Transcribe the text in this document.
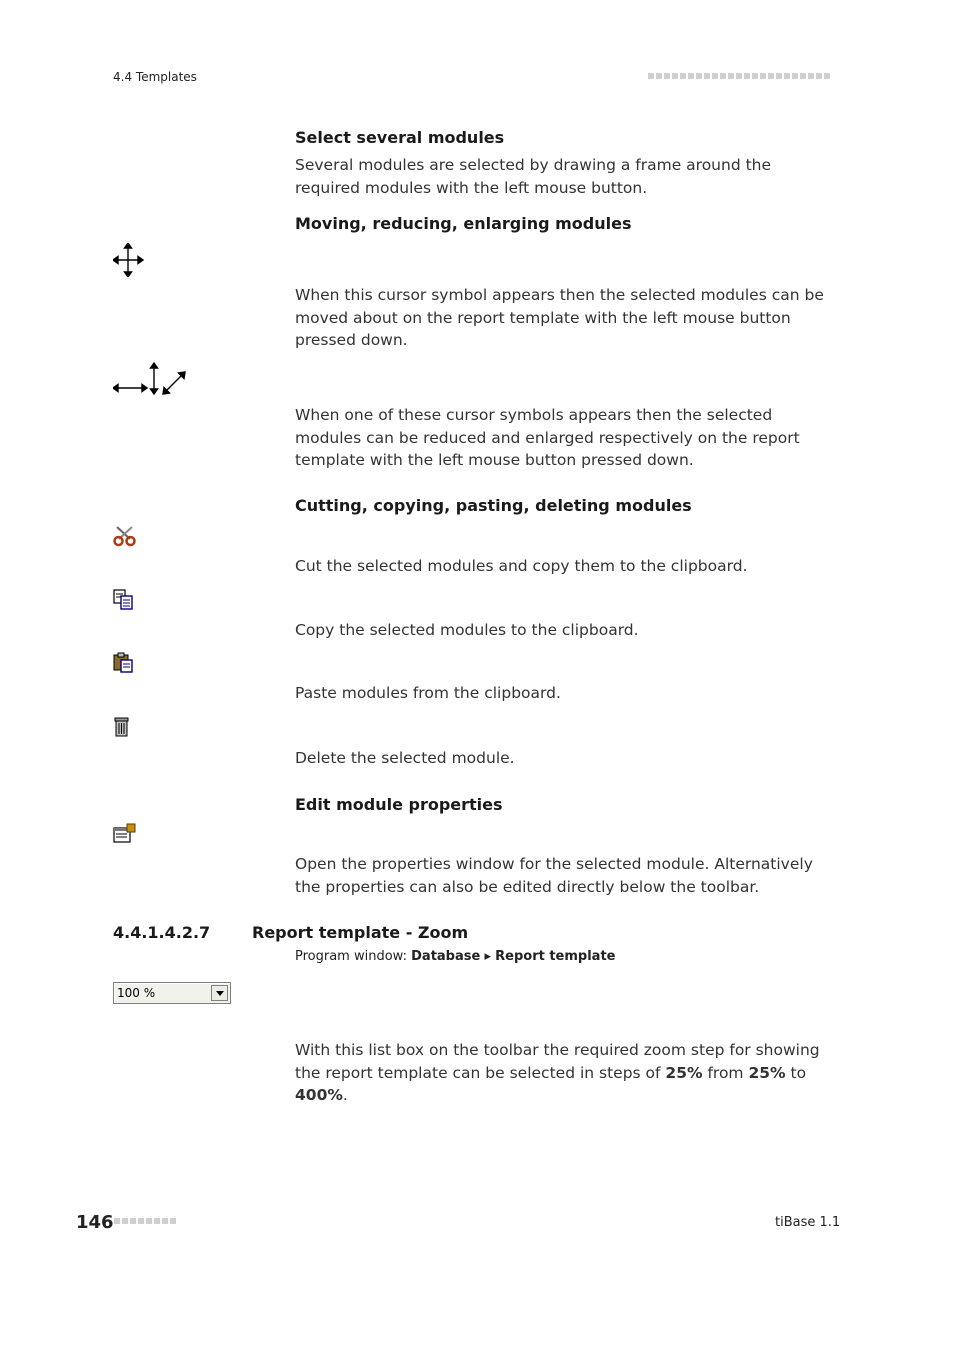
4.4 Templates
Select several modules
Several modules are selected by drawing a frame around the required modules with the left mouse button.
Moving, reducing, enlarging modules
When this cursor symbol appears then the selected modules can be moved about on the report template with the left mouse button pressed down.
When one of these cursor symbols appears then the selected modules can be reduced and enlarged respectively on the report template with the left mouse button pressed down.
Cutting, copying, pasting, deleting modules
Cut the selected modules and copy them to the clipboard.
Copy the selected modules to the clipboard.
Paste modules from the clipboard.
Delete the selected module.
Edit module properties
Open the properties window for the selected module. Alternatively the properties can also be edited directly below the toolbar.
4.4.1.4.2.7	Report template - Zoom
Program window: Database ▸ Report template
100 %
With this list box on the toolbar the required zoom step for showing the report template can be selected in steps of 25% from 25% to 400%.
146	tiBase 1.1
